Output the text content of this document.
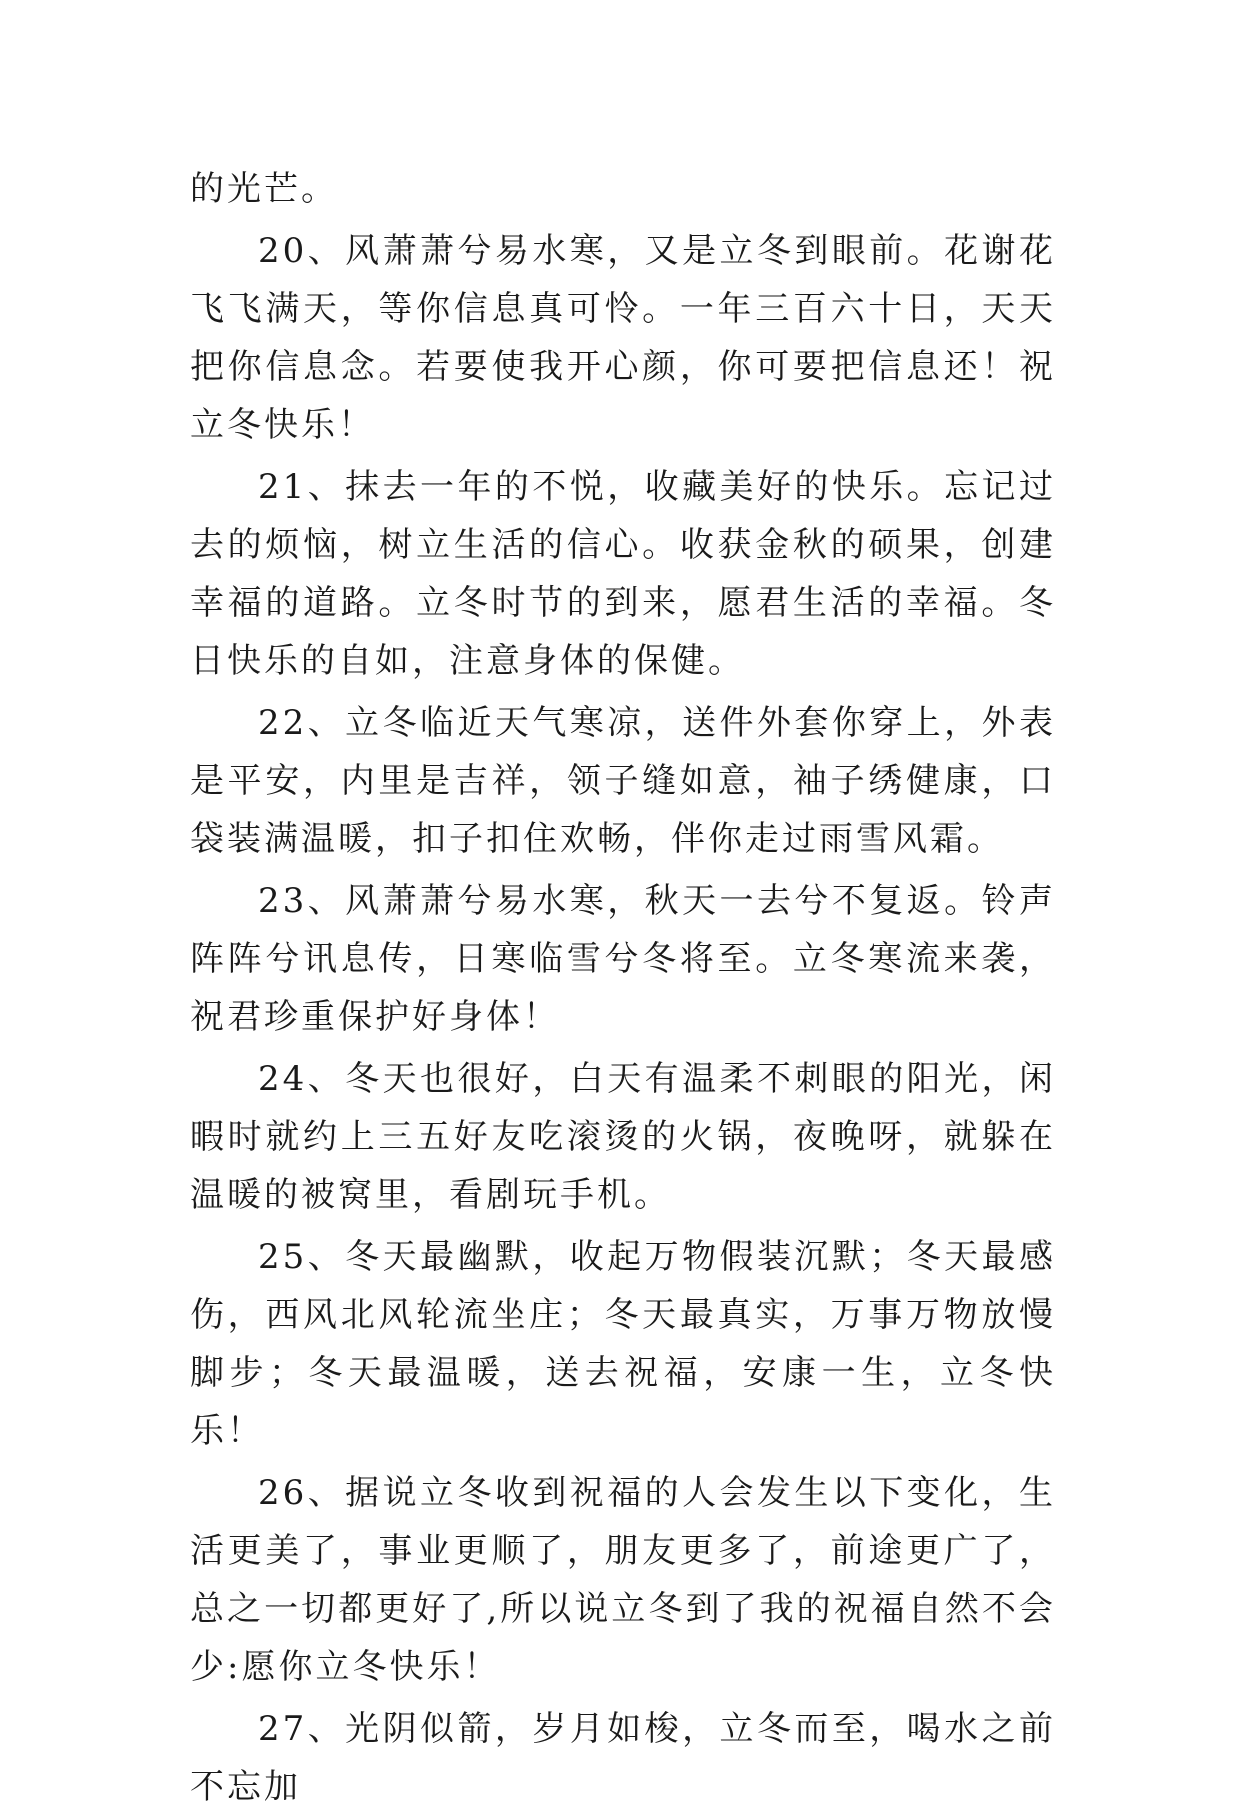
的光芒。

20、风萧萧兮易水寒，又是立冬到眼前。花谢花飞飞满天，等你信息真可怜。一年三百六十日，天天把你信息念。若要使我开心颜，你可要把信息还！祝立冬快乐！

21、抹去一年的不悦，收藏美好的快乐。忘记过去的烦恼，树立生活的信心。收获金秋的硕果，创建幸福的道路。立冬时节的到来，愿君生活的幸福。冬日快乐的自如，注意身体的保健。

22、立冬临近天气寒凉，送件外套你穿上，外表是平安，内里是吉祥，领子缝如意，袖子绣健康，口袋装满温暖，扣子扣住欢畅，伴你走过雨雪风霜。

23、风萧萧兮易水寒，秋天一去兮不复返。铃声阵阵兮讯息传，日寒临雪兮冬将至。立冬寒流来袭，祝君珍重保护好身体！

24、冬天也很好，白天有温柔不刺眼的阳光，闲暇时就约上三五好友吃滚烫的火锅，夜晚呀，就躲在温暖的被窝里，看剧玩手机。

25、冬天最幽默，收起万物假装沉默；冬天最感伤，西风北风轮流坐庄；冬天最真实，万事万物放慢脚步；冬天最温暖，送去祝福，安康一生，立冬快乐！

26、据说立冬收到祝福的人会发生以下变化，生活更美了，事业更顺了，朋友更多了，前途更广了，总之一切都更好了,所以说立冬到了我的祝福自然不会少:愿你立冬快乐！

27、光阴似箭，岁月如梭，立冬而至，喝水之前不忘加
